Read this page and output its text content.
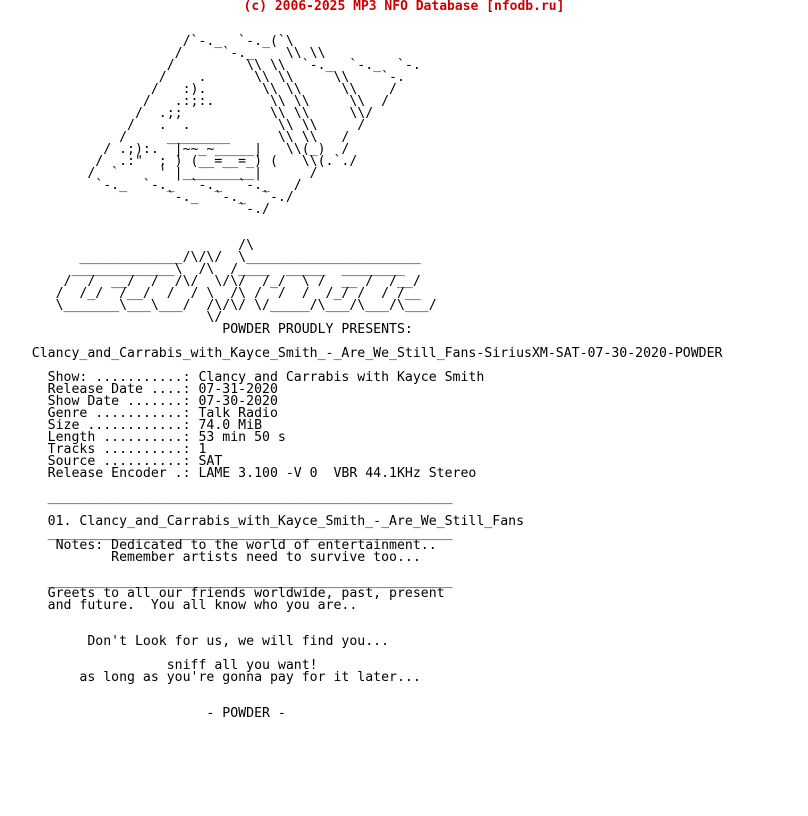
(c) 2006-2025 MP3 NFO Database [nfodb.ru]
/`-._  `-._(`\
/     `-._    \\ \\
/         \\ \\  `-._  `-._  `-.
/    .      \\ \\     \\    `-.
/   :).       \\ \\     \\    /
/   .:;:.       \\ \\     \\  /
/  .;;           \\ \\     \\/
/   .  .           \\ \\     /
/     ________      \\ \\   /
/ .;):.  |~~_~_____|   \\(_)  /
/  .:"  ; ) (__=__=_) (   \\(.`./
/  `     ' |_________|      /
`-._  `-._  `-._  `-._   /
`-._  `-._  `-./
`-./
/\
_____________/\/\/  \______________________
_____________\  /\  /____  _____  ________
/  /  __/  /  /\/  \/\/  /_/  \ /  __ /  /__/
/  /_/  /__/  /  / \  /\ /  /  /  /_/ /  / /__
\_______\___\___/  /\/\/ \/_____/\___/\___/\___/
\/
POWDER PROUDLY PRESENTS:
Clancy_and_Carrabis_with_Kayce_Smith_-_Are_We_Still_Fans-SiriusXM-SAT-07-30-2020-POWDER
Show: ...........: Clancy and Carrabis with Kayce Smith
Release Date ....: 07-31-2020
Show Date .......: 07-30-2020
Genre ...........: Talk Radio
Size ............: 74.0 MiB
Length ..........: 53 min 50 s
Tracks ..........: 1
Source ..........: SAT
Release Encoder .: LAME 3.100 -V 0  VBR 44.1KHz Stereo
___________________________________________________
01. Clancy_and_Carrabis_with_Kayce_Smith_-_Are_We_Still_Fans
___________________________________________________
Notes: Dedicated to the world of entertainment..
Remember artists need to survive too...
___________________________________________________
Greets to all our friends worldwide, past, present
and future.  You all know who you are..
Don't Look for us, we will find you...
sniff all you want!
as long as you're gonna pay for it later...
- POWDER -
